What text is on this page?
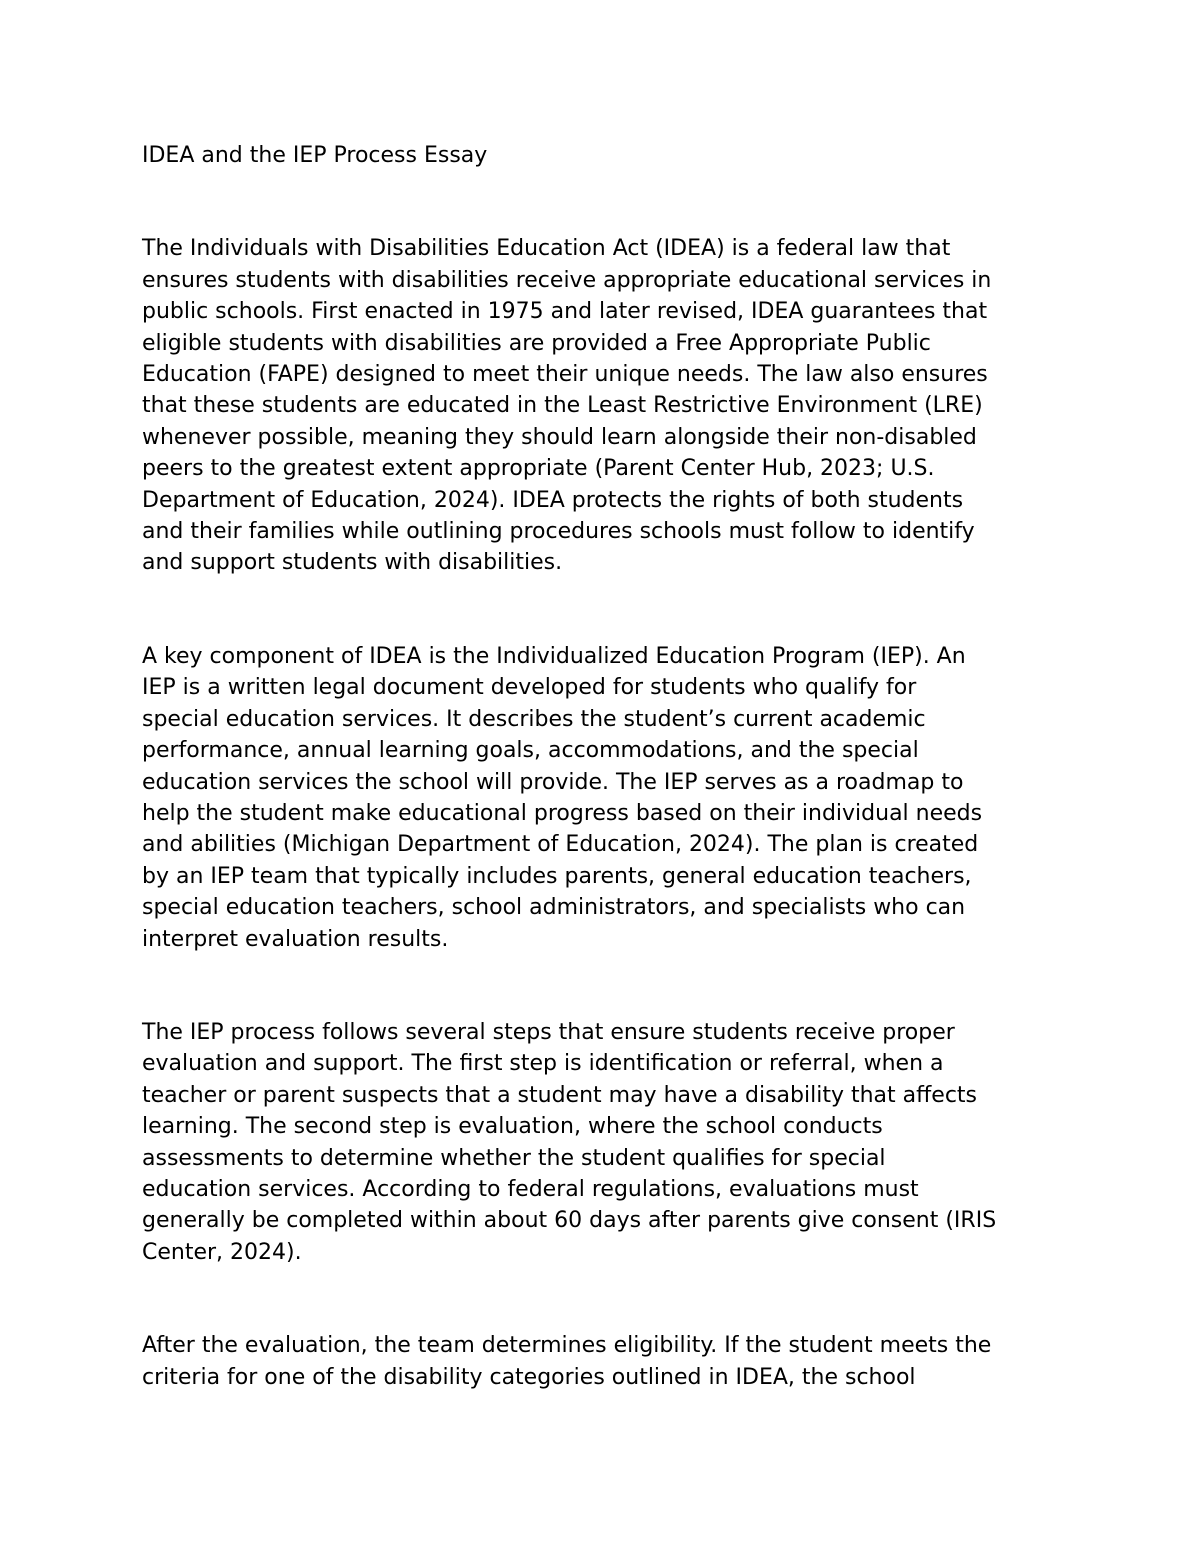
IDEA and the IEP Process Essay

The Individuals with Disabilities Education Act (IDEA) is a federal law that
ensures students with disabilities receive appropriate educational services in
public schools. First enacted in 1975 and later revised, IDEA guarantees that
eligible students with disabilities are provided a Free Appropriate Public
Education (FAPE) designed to meet their unique needs. The law also ensures
that these students are educated in the Least Restrictive Environment (LRE)
whenever possible, meaning they should learn alongside their non-disabled
peers to the greatest extent appropriate (Parent Center Hub, 2023; U.S.
Department of Education, 2024). IDEA protects the rights of both students
and their families while outlining procedures schools must follow to identify
and support students with disabilities.

A key component of IDEA is the Individualized Education Program (IEP). An
IEP is a written legal document developed for students who qualify for
special education services. It describes the student’s current academic
performance, annual learning goals, accommodations, and the special
education services the school will provide. The IEP serves as a roadmap to
help the student make educational progress based on their individual needs
and abilities (Michigan Department of Education, 2024). The plan is created
by an IEP team that typically includes parents, general education teachers,
special education teachers, school administrators, and specialists who can
interpret evaluation results.

The IEP process follows several steps that ensure students receive proper
evaluation and support. The first step is identification or referral, when a
teacher or parent suspects that a student may have a disability that affects
learning. The second step is evaluation, where the school conducts
assessments to determine whether the student qualifies for special
education services. According to federal regulations, evaluations must
generally be completed within about 60 days after parents give consent (IRIS
Center, 2024).

After the evaluation, the team determines eligibility. If the student meets the
criteria for one of the disability categories outlined in IDEA, the school
